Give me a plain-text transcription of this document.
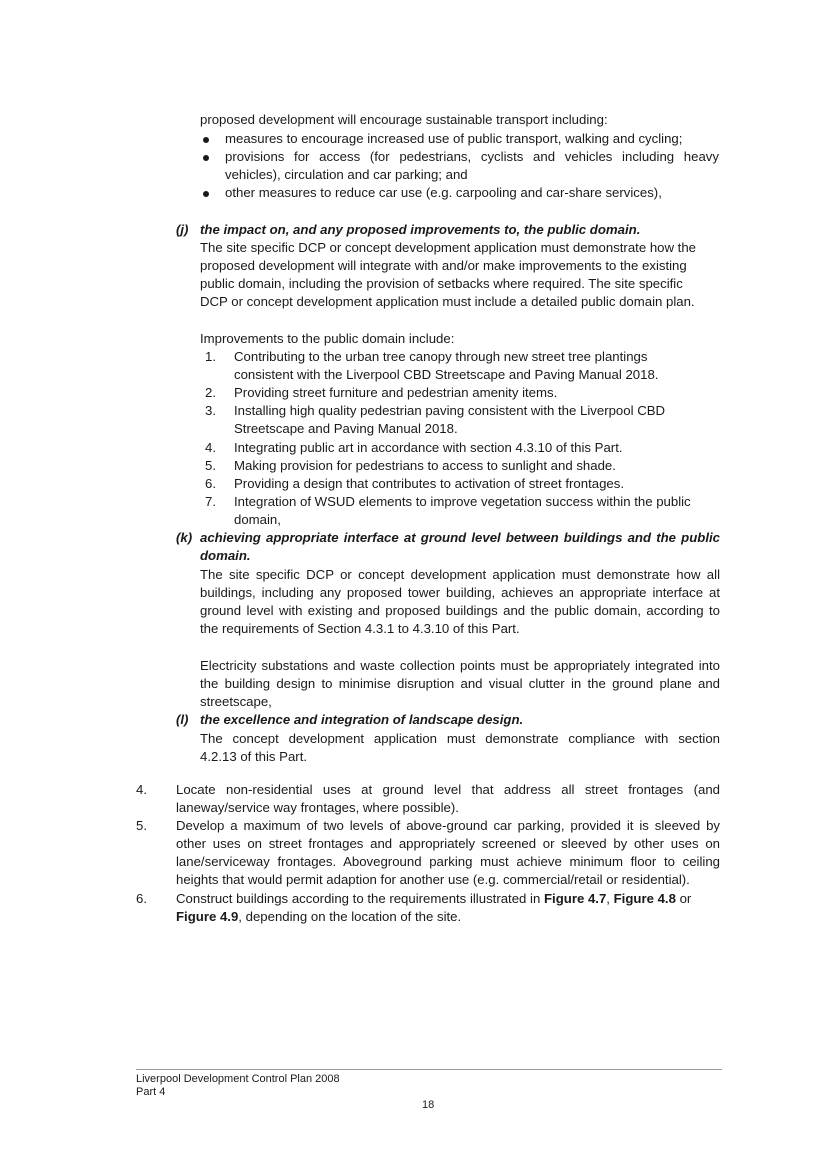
proposed development will encourage sustainable transport including:
measures to encourage increased use of public transport, walking and cycling;
provisions for access (for pedestrians, cyclists and vehicles including heavy
vehicles), circulation and car parking; and
other measures to reduce car use (e.g. carpooling and car-share services),
(j) the impact on, and any proposed improvements to, the public domain.
The site specific DCP or concept development application must demonstrate how the
proposed development will integrate with and/or make improvements to the existing
public domain, including the provision of setbacks where required. The site specific
DCP or concept development application must include a detailed public domain plan.
Improvements to the public domain include:
1. Contributing to the urban tree canopy through new street tree plantings
consistent with the Liverpool CBD Streetscape and Paving Manual 2018.
2. Providing street furniture and pedestrian amenity items.
3. Installing high quality pedestrian paving consistent with the Liverpool CBD
Streetscape and Paving Manual 2018.
4. Integrating public art in accordance with section 4.3.10 of this Part.
5. Making provision for pedestrians to access to sunlight and shade.
6. Providing a design that contributes to activation of street frontages.
7. Integration of WSUD elements to improve vegetation success within the public
domain,
(k) achieving appropriate interface at ground level between buildings and the public
domain.
The site specific DCP or concept development application must demonstrate how all
buildings, including any proposed tower building, achieves an appropriate interface at
ground level with existing and proposed buildings and the public domain, according to
the requirements of Section 4.3.1 to 4.3.10 of this Part.
Electricity substations and waste collection points must be appropriately integrated into
the building design to minimise disruption and visual clutter in the ground plane and
streetscape,
(l) the excellence and integration of landscape design.
The concept development application must demonstrate compliance with section
4.2.13 of this Part.
4. Locate non-residential uses at ground level that address all street frontages (and
laneway/service way frontages, where possible).
5. Develop a maximum of two levels of above-ground car parking, provided it is sleeved by
other uses on street frontages and appropriately screened or sleeved by other uses on
lane/serviceway frontages. Aboveground parking must achieve minimum floor to ceiling
heights that would permit adaption for another use (e.g. commercial/retail or residential).
6. Construct buildings according to the requirements illustrated in Figure 4.7 , Figure 4.8 or
Figure 4.9, depending on the location of the site.
Liverpool Development Control Plan 2008
Part 4
18
